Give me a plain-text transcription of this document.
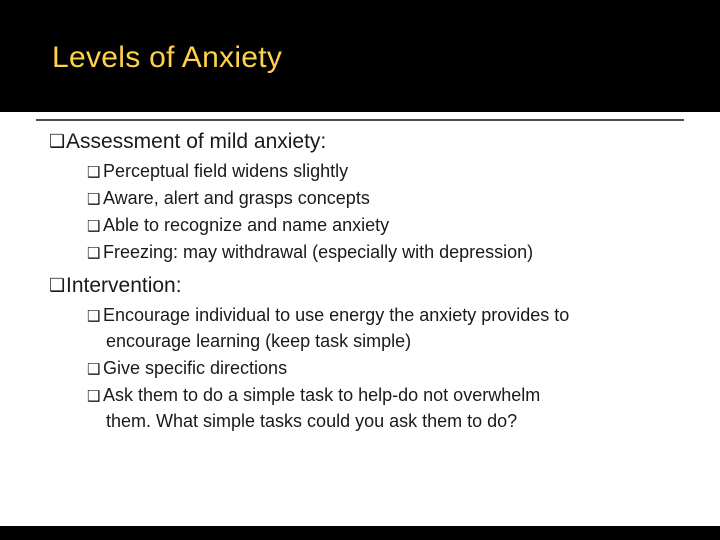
Levels of Anxiety
❑ Assessment of mild anxiety:
❑ Perceptual field widens slightly
❑ Aware, alert and grasps concepts
❑ Able to recognize and name anxiety
❑ Freezing: may withdrawal (especially with depression)
❑ Intervention:
❑ Encourage individual to use energy the anxiety provides to
encourage learning (keep task simple)
❑ Give specific directions
❑ Ask them to do a simple task to help-do not overwhelm
them. What simple tasks could you ask them to do?
